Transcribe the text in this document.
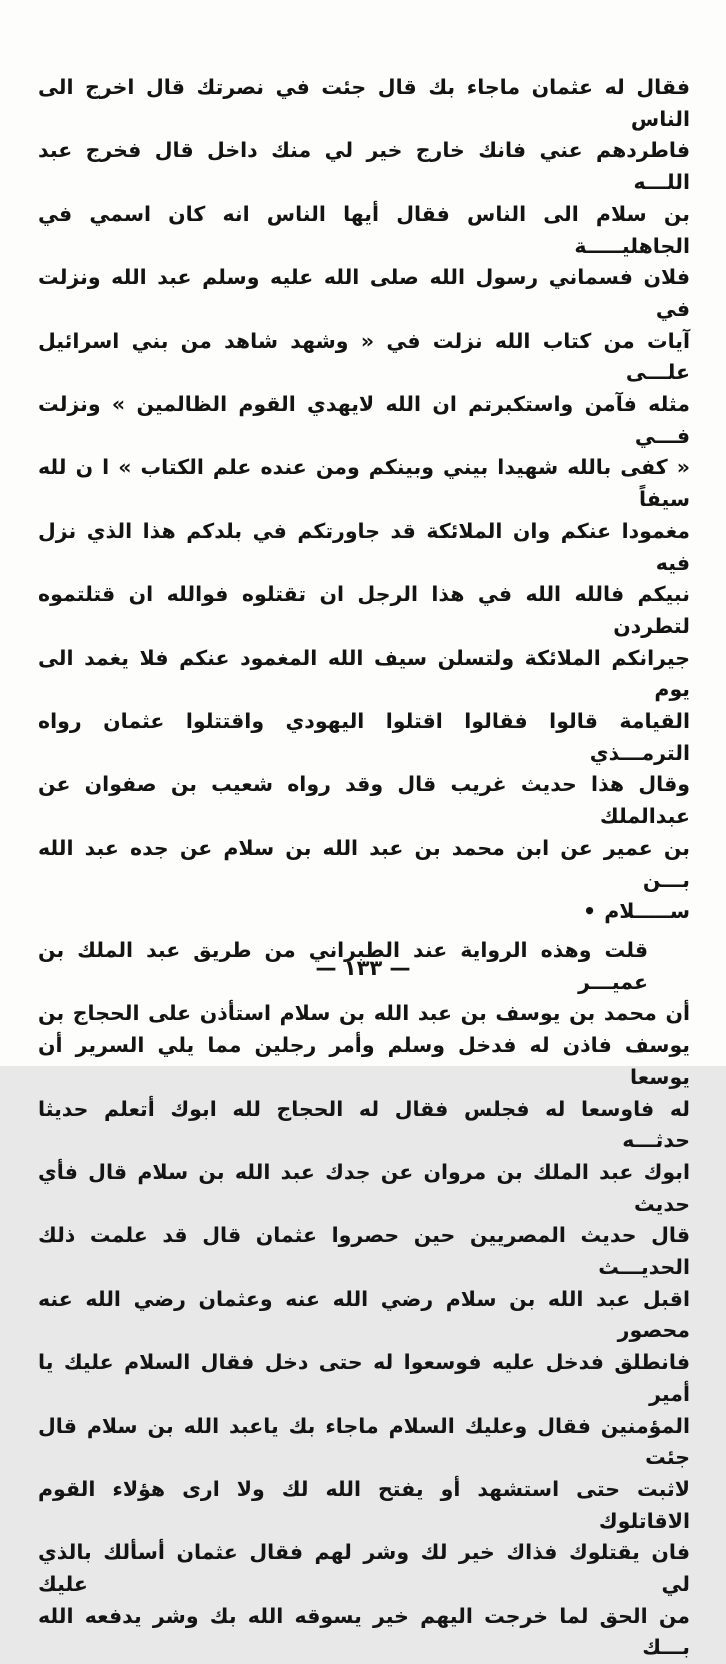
فقال له عثمان ماجاء بك قال جئت في نصرتك قال اخرج الى الناس
فاطردهم عني فانك خارج خير لي منك داخل قال فخرج عبد اللـــه
بن سلام الى الناس فقال أيها الناس انه كان اسمي في الجاهليـــــة
فلان فسماني رسول الله صلى الله عليه وسلم عبد الله ونزلت في
آيات من كتاب الله نزلت في « وشهد شاهد من بني اسرائيل علـــى
مثله فآمن واستكبرتم ان الله لايهدي القوم الظالمين » ونزلت فـــي
« كفى بالله شهيدا بيني وبينكم ومن عنده علم الكتاب » ا ن لله سيفاً
مغمودا عنكم وان الملائكة قد جاورتكم في بلدكم هذا الذي نزل فيه
نبيكم فالله الله في هذا الرجل ان تقتلوه فوالله ان قتلتموه لتطردن
جيرانكم الملائكة ولتسلن سيف الله المغمود عنكم فلا يغمد الى يوم
القيامة قالوا فقالوا اقتلوا اليهودي واقتتلوا عثمان رواه الترمـــذي
وقال هذا حديث غريب قال وقد رواه شعيب بن صفوان عن عبدالملك
بن عمير عن ابن محمد بن عبد الله بن سلام عن جده عبد الله بـــن
ســـــلام •
قلت وهذه الرواية عند الطبراني من طريق عبد الملك بن عميـــر
أن محمد بن يوسف بن عبد الله بن سلام استأذن على الحجاج بن
يوسف فاذن له فدخل وسلم وأمر رجلين مما يلي السرير أن يوسعا
له فاوسعا له فجلس فقال له الحجاج لله ابوك أتعلم حديثا حدثـــه
ابوك عبد الملك بن مروان عن جدك عبد الله بن سلام قال فأي حديث
قال حديث المصريين حين حصروا عثمان قال قد علمت ذلك الحديـــث
اقبل عبد الله بن سلام رضي الله عنه وعثمان رضي الله عنه محصور
فانطلق فدخل عليه فوسعوا له حتى دخل فقال السلام عليك يا أمير
المؤمنين فقال وعليك السلام ماجاء بك ياعبد الله بن سلام قال جئت
لاثبت حتى استشهد أو يفتح الله لك ولا ارى هؤلاء القوم الاقاتلوك
فان يقتلوك فذاك خير لك وشر لهم فقال عثمان أسألك بالذي لي عليك
من الحق لما خرجت اليهم خير يسوقه الله بك وشر يدفعه الله بـــك
— ١٣٣ —
